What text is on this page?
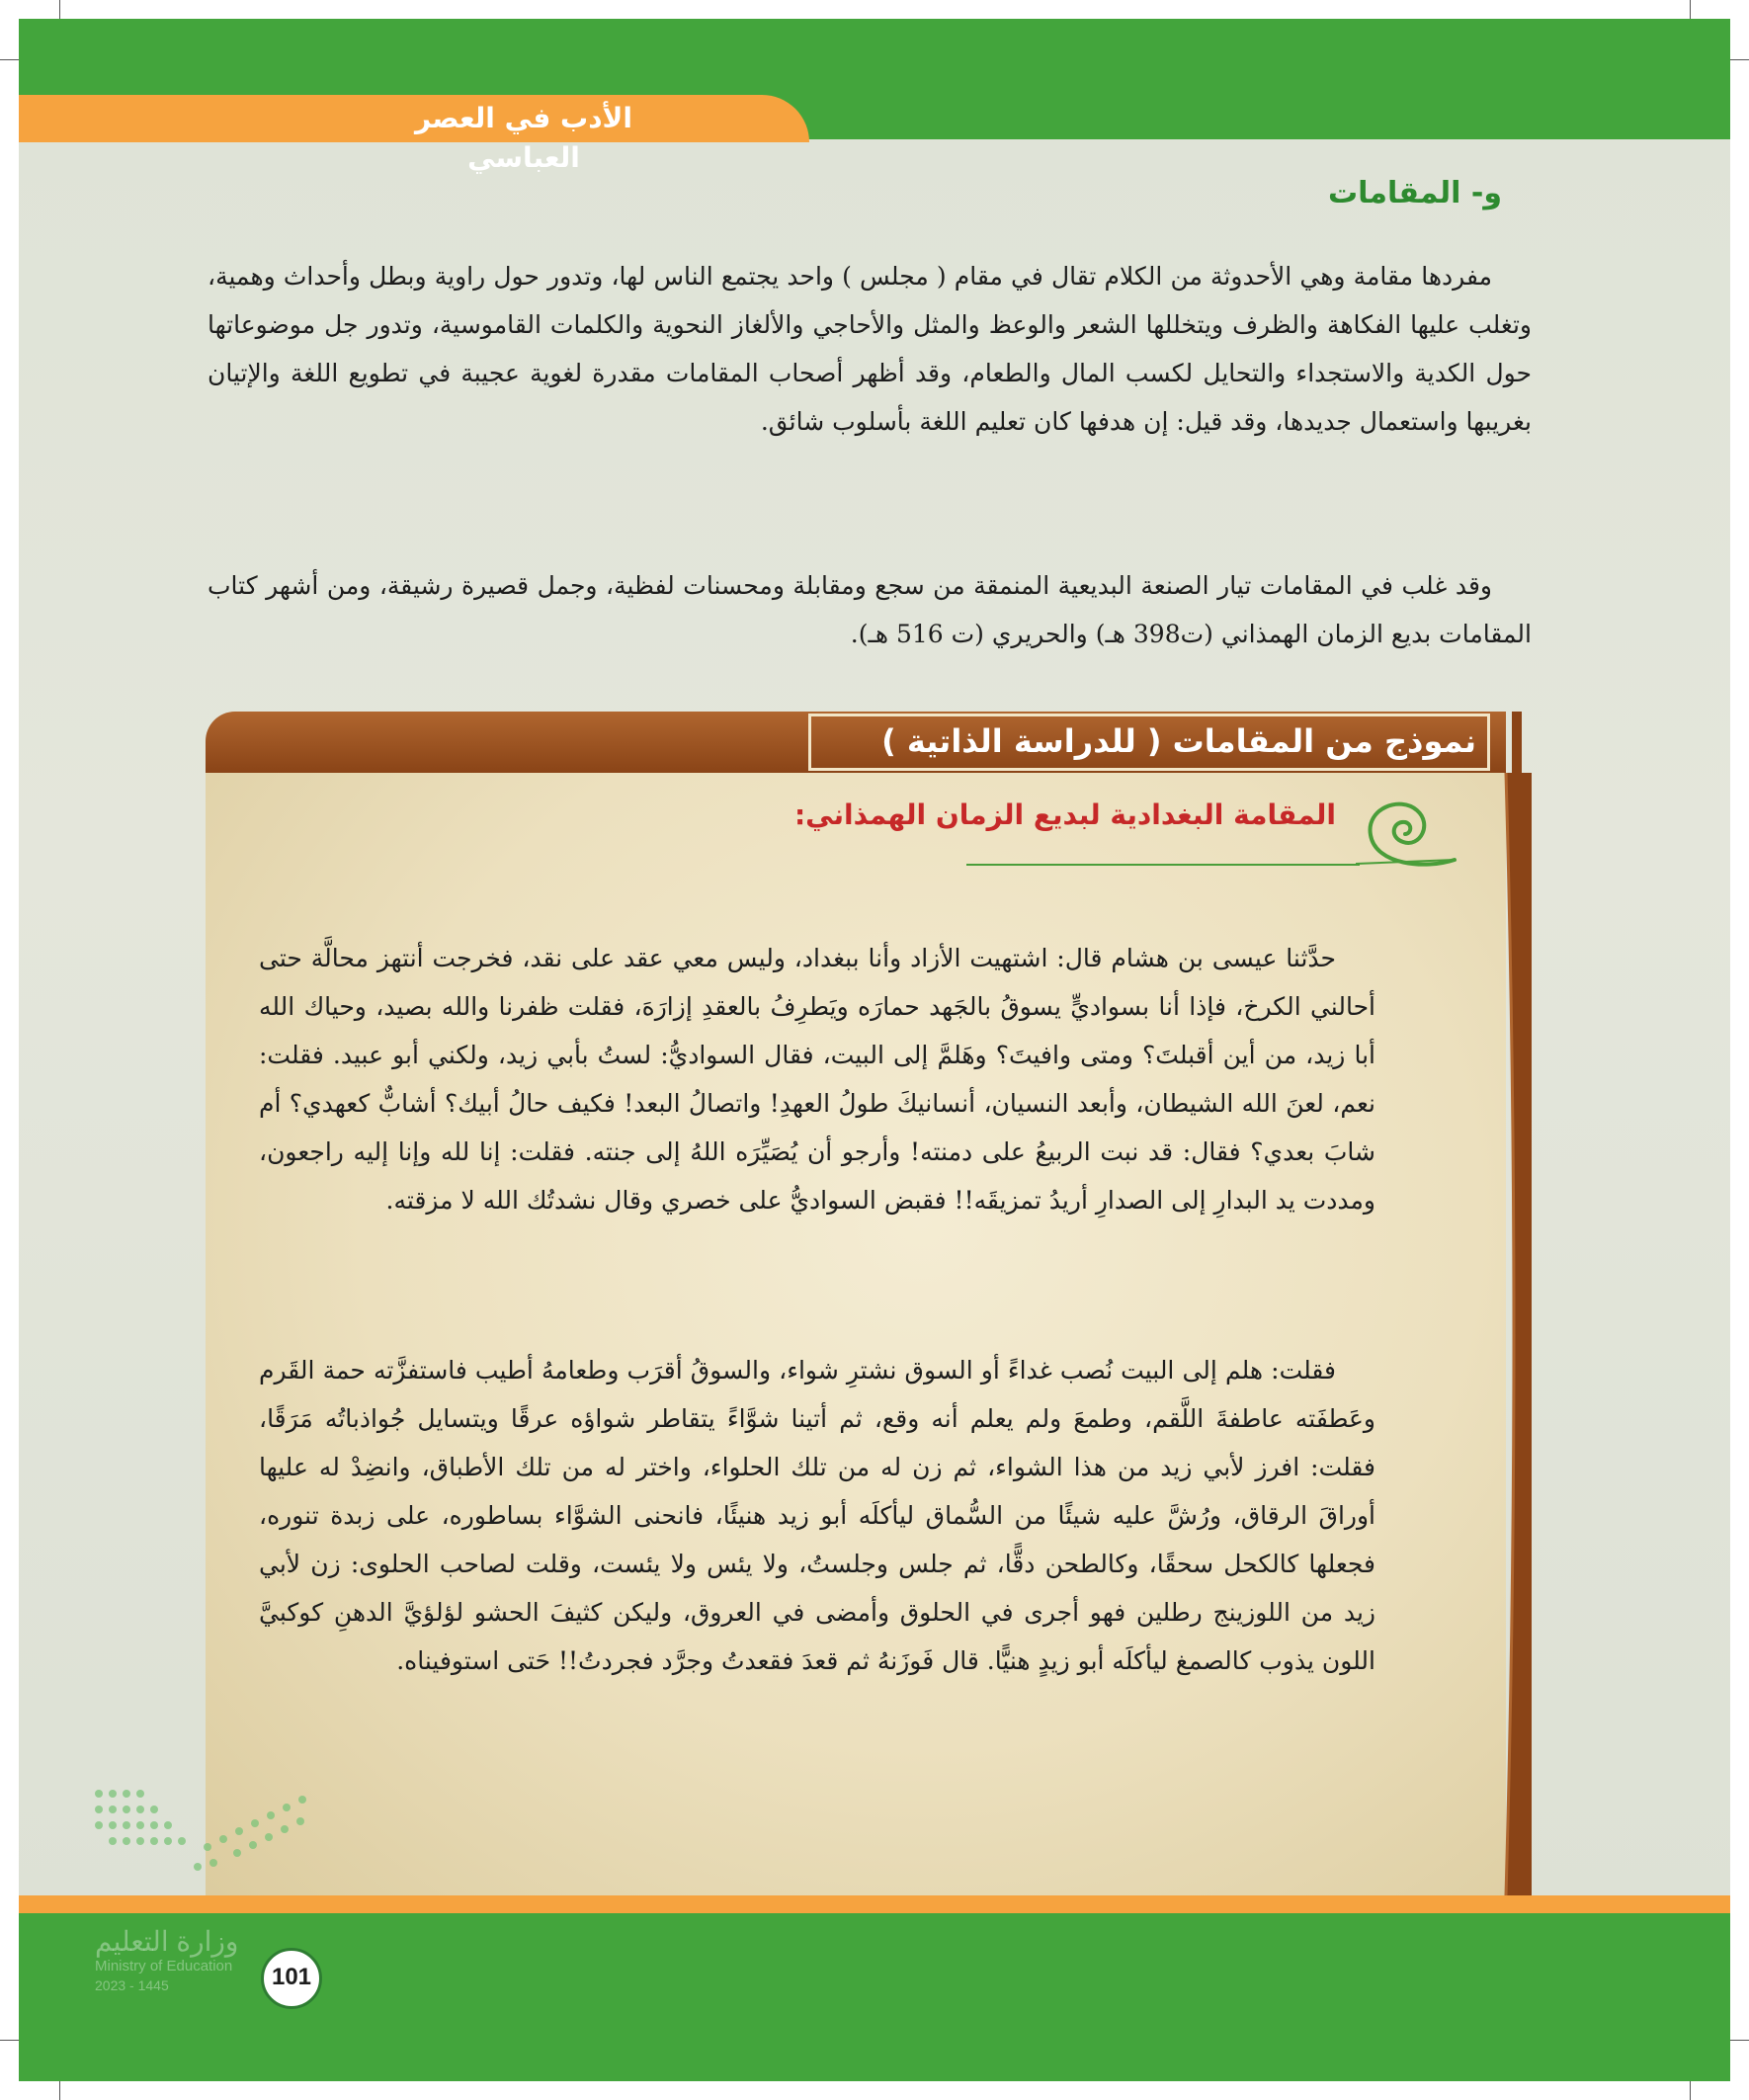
الأدب في العصر العباسي
و- المقامات

مفردها مقامة وهي الأحدوثة من الكلام تقال في مقام ( مجلس ) واحد يجتمع الناس لها، وتدور حول راوية وبطل وأحداث وهمية، وتغلب عليها الفكاهة والظرف ويتخللها الشعر والوعظ والمثل والأحاجي والألغاز النحوية والكلمات القاموسية، وتدور جل موضوعاتها حول الكدية والاستجداء والتحايل لكسب المال والطعام، وقد أظهر أصحاب المقامات مقدرة لغوية عجيبة في تطويع اللغة والإتيان بغريبها واستعمال جديدها، وقد قيل: إن هدفها كان تعليم اللغة بأسلوب شائق.

وقد غلب في المقامات تيار الصنعة البديعية المنمقة من سجع ومقابلة ومحسنات لفظية، وجمل قصيرة رشيقة، ومن أشهر كتاب المقامات بديع الزمان الهمذاني (ت398 هـ) والحريري (ت 516 هـ).

نموذج من المقامات ( للدراسة الذاتية )
المقامة البغدادية لبديع الزمان الهمذاني:

حدَّثنا عيسى بن هشام قال: اشتهيت الأزاد وأنا ببغداد، وليس معي عقد على نقد، فخرجت أنتهز محالَّة حتى أحالني الكرخ، فإذا أنا بسواديٍّ يسوقُ بالجَهد حمارَه ويَطرِفُ بالعقدِ إزارَهَ، فقلت ظفرنا والله بصيد، وحياك الله أبا زيد، من أين أقبلتَ؟ ومتى وافيتَ؟ وهَلمَّ إلى البيت، فقال السواديُّ: لستُ بأبي زيد، ولكني أبو عبيد. فقلت: نعم، لعنَ الله الشيطان، وأبعد النسيان، أنسانيكَ طولُ العهدِ! واتصالُ البعد! فكيف حالُ أبيك؟ أشابٌّ كعهدي؟ أم شابَ بعدي؟ فقال: قد نبت الربيعُ على دمنته! وأرجو أن يُصَيِّرَه اللهُ إلى جنته. فقلت: إنا لله وإنا إليه راجعون، ومددت يد البدارِ إلى الصدارِ أريدُ تمزيقَه!! فقبض السواديُّ على خصري وقال نشدتُك الله لا مزقته.

فقلت: هلم إلى البيت نُصب غداءً أو السوق نشترِ شواء، والسوقُ أقرَب وطعامهُ أطيب فاستفزَّته حمة القَرم وعَطفَته عاطفةَ اللَّقم، وطمعَ ولم يعلم أنه وقع، ثم أتينا شوَّاءً يتقاطر شواؤه عرقًا ويتسايل جُواذباتُه مَرَقًا، فقلت: افرز لأبي زيد من هذا الشواء، ثم زن له من تلك الحلواء، واختر له من تلك الأطباق، وانضِدْ له عليها أوراقَ الرقاق، ورُشَّ عليه شيئًا من السُّماق ليأكلَه أبو زيد هنيئًا، فانحنى الشوَّاء بساطوره، على زبدة تنوره، فجعلها كالكحل سحقًا، وكالطحن دقًّا، ثم جلس وجلستُ، ولا يئس ولا يئست، وقلت لصاحب الحلوى: زن لأبي زيد من اللوزينج رطلين فهو أجرى في الحلوق وأمضى في العروق، وليكن كثيفَ الحشو لؤلؤيَّ الدهنِ كوكبيَّ اللون يذوب كالصمغ ليأكلَه أبو زيدٍ هنيًّا. قال فَوزَنهُ ثم قعدَ فقعدتُ وجرَّد فجردتُ!! حَتى استوفيناه.

وزارة التعليم
Ministry of Education
2023 - 1445	101
